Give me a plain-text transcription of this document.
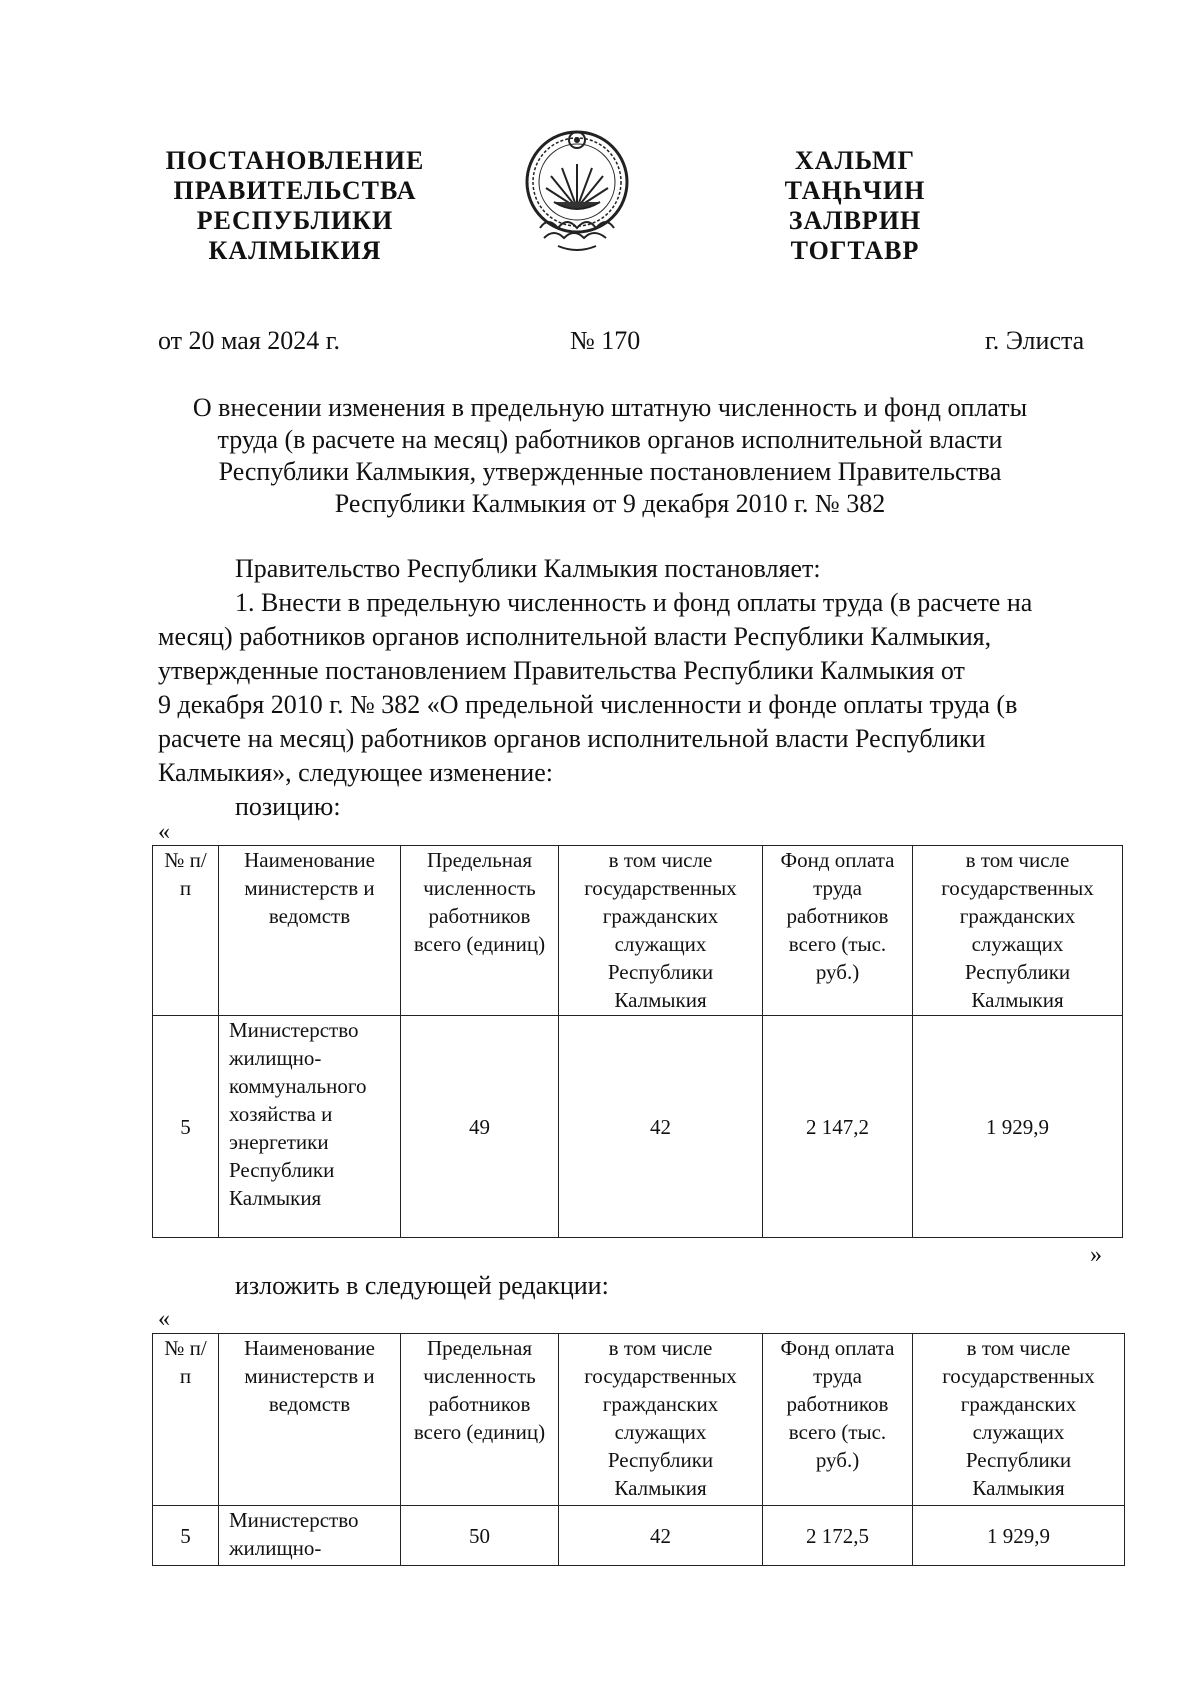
ПОСТАНОВЛЕНИЕ
ПРАВИТЕЛЬСТВА
РЕСПУБЛИКИ
КАЛМЫКИЯ
ХАЛЬМГ
ТАҢҺЧИН
ЗАЛВРИН
ТОГТАВР
от 20 мая 2024 г.	№ 170	г. Элиста
О внесении изменения в предельную штатную численность и фонд оплаты
труда (в расчете на месяц) работников органов исполнительной власти
Республики Калмыкия, утвержденные постановлением Правительства
Республики Калмыкия от 9 декабря 2010 г. № 382
Правительство Республики Калмыкия постановляет:
1. Внести в предельную численность и фонд оплаты труда (в расчете на
месяц) работников органов исполнительной власти Республики Калмыкия,
утвержденные постановлением Правительства Республики Калмыкия от
9 декабря 2010 г. № 382 «О предельной численности и фонде оплаты труда (в
расчете на месяц) работников органов исполнительной власти Республики
Калмыкия», следующее изменение:
позицию:
«
№ п/п	Наименование министерств и ведомств	Предельная численность работников всего (единиц)	в том числе государственных гражданских служащих Республики Калмыкия	Фонд оплата труда работников всего (тыс. руб.)	в том числе государственных гражданских служащих Республики Калмыкия
5	Министерство жилищно-коммунального хозяйства и энергетики Республики Калмыкия	49	42	2 147,2	1 929,9
»
изложить в следующей редакции:
«
№ п/п	Наименование министерств и ведомств	Предельная численность работников всего (единиц)	в том числе государственных гражданских служащих Республики Калмыкия	Фонд оплата труда работников всего (тыс. руб.)	в том числе государственных гражданских служащих Республики Калмыкия
5	Министерство жилищно-	50	42	2 172,5	1 929,9
